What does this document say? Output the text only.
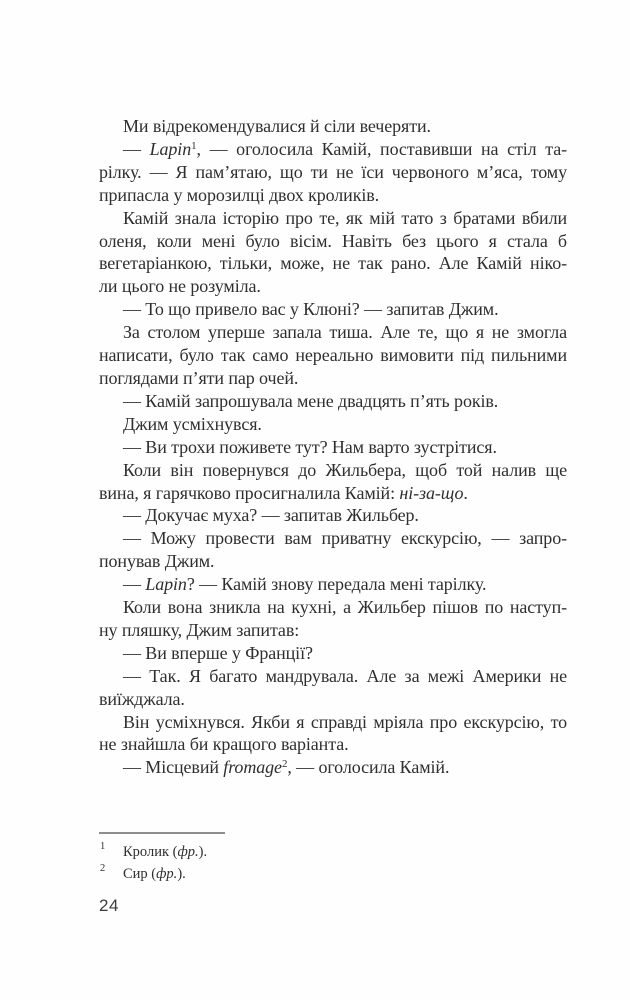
Ми відрекомендувалися й сіли вечеряти.
— Lapin$^1$, — оголосила Камій, поставивши на стіл та-
рілку. — Я пам’ятаю, що ти не їси червоного м’яса, тому
припасла у морозилці двох кроликів.
Камій знала історію про те, як мій тато з братами вбили
оленя, коли мені було вісім. Навіть без цього я стала б
вегетаріанкою, тільки, може, не так рано. Але Камій ніко-
ли цього не розуміла.
— То що привело вас у Клюні? — запитав Джим.
За столом уперше запала тиша. Але те, що я не змогла
написати, було так само нереально вимовити під пильними
поглядами п’яти пар очей.
— Камій запрошувала мене двадцять п’ять років.
Джим усміхнувся.
— Ви трохи поживете тут? Нам варто зустрітися.
Коли він повернувся до Жильбера, щоб той налив ще
вина, я гарячково просигналила Камій: ні-за-що.
— Докучає муха? — запитав Жильбер.
— Можу провести вам приватну екскурсію, — запро-
понував Джим.
— Lapin? — Камій знову передала мені тарілку.
Коли вона зникла на кухні, а Жильбер пішов по наступ-
ну пляшку, Джим запитав:
— Ви вперше у Франції?
— Так. Я багато мандрувала. Але за межі Америки не
виїжджала.
Він усміхнувся. Якби я справді мріяла про екскурсію, то
не знайшла би кращого варіанта.
— Місцевий fromage$^2$, — оголосила Камій.
1 Кролик (фр.).
2 Сир (фр.).
24
